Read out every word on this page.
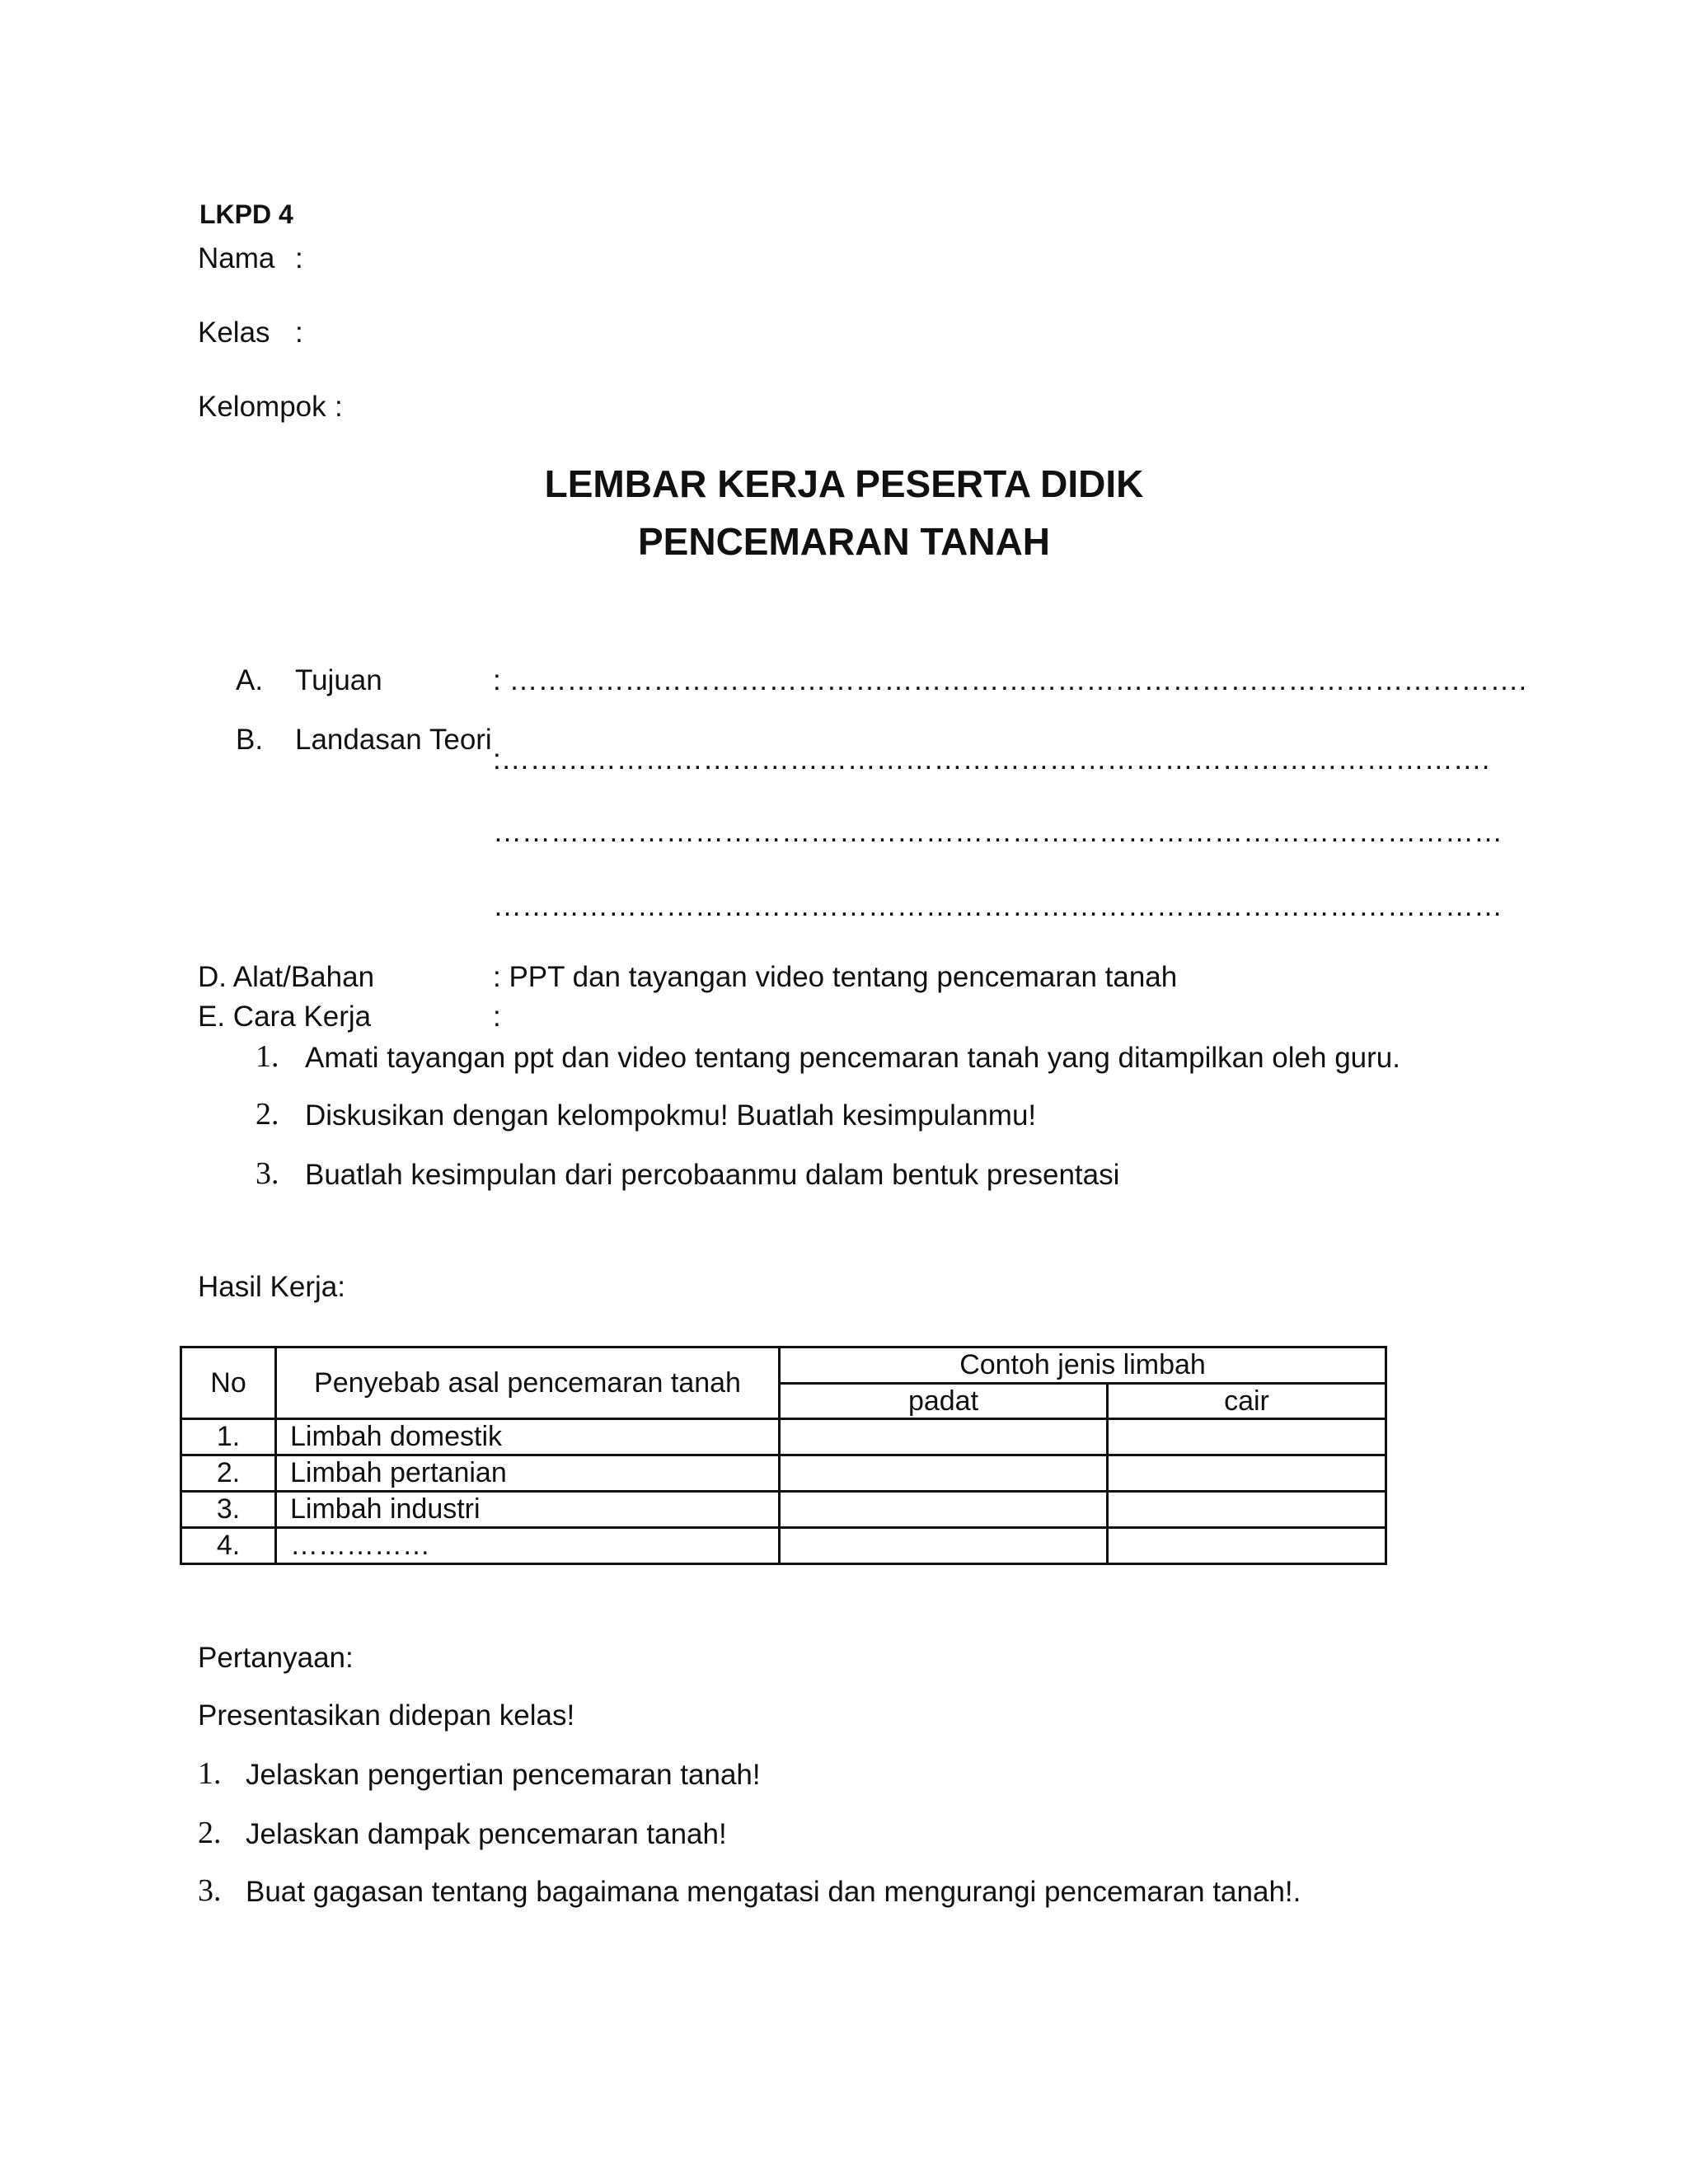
LKPD 4
Nama :
Kelas :
Kelompok :
LEMBAR KERJA PESERTA DIDIK
PENCEMARAN TANAH
A. Tujuan	: …………………………………………………………………………………………….
B. Landasan Teori
:………………………………………………………………………………………….
……………………………………………………………………………………………
……………………………………………………………………………………………
D. Alat/Bahan	: PPT dan tayangan video tentang pencemaran tanah
E. Cara Kerja	:
1. Amati tayangan ppt dan video tentang pencemaran tanah yang ditampilkan oleh guru.
2. Diskusikan dengan kelompokmu! Buatlah kesimpulanmu!
3. Buatlah kesimpulan dari percobaanmu dalam bentuk presentasi
Hasil Kerja:
No	Penyebab asal pencemaran tanah	Contoh jenis limbah	
		padat	cair
1.	Limbah domestik		
2.	Limbah pertanian		
3.	Limbah industri		
4.	……………		
Pertanyaan:
Presentasikan didepan kelas!
1. Jelaskan pengertian pencemaran tanah!
2. Jelaskan dampak pencemaran tanah!
3. Buat gagasan tentang bagaimana mengatasi dan mengurangi pencemaran tanah!.
